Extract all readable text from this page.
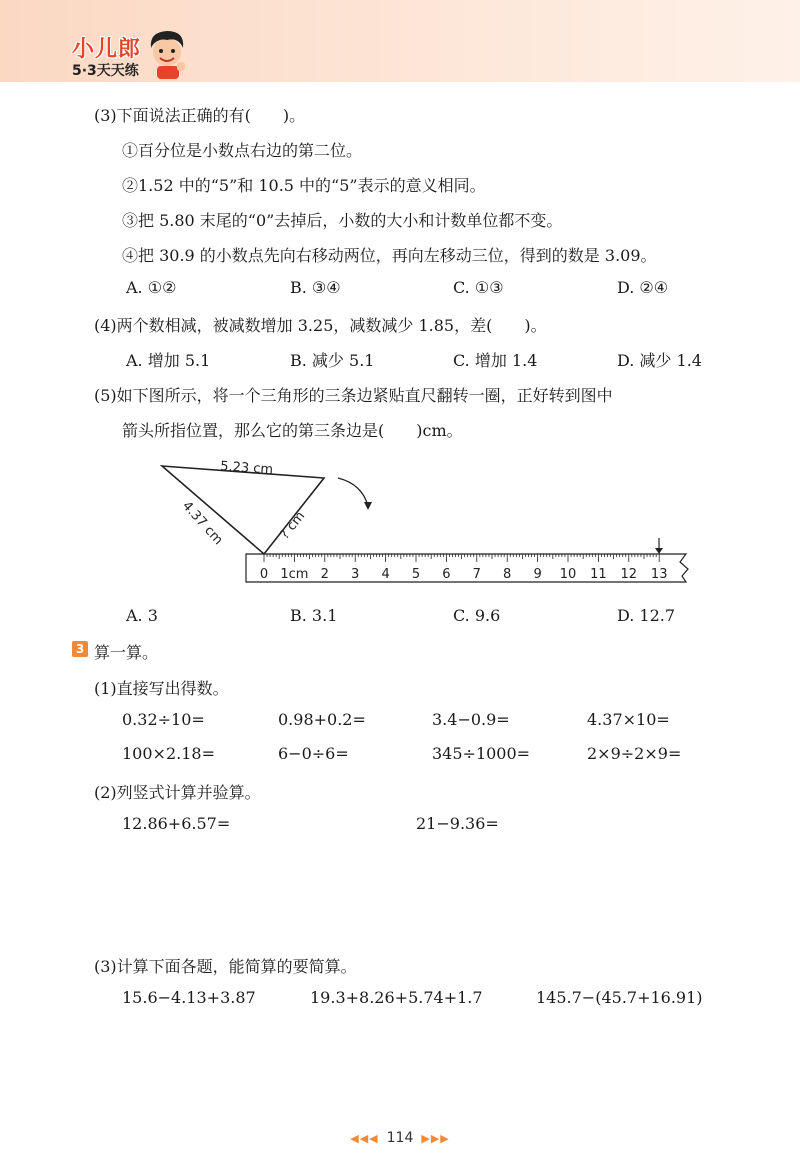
小儿郎
5·3天天练
(3)下面说法正确的有(　　)。
①百分位是小数点右边的第二位。
②1.52 中的“5”和 10.5 中的“5”表示的意义相同。
③把 5.80 末尾的“0”去掉后，小数的大小和计数单位都不变。
④把 30.9 的小数点先向右移动两位，再向左移动三位，得到的数是 3.09。
A. ①②	B. ③④	C. ①③	D. ②④
(4)两个数相减，被减数增加 3.25，减数减少 1.85，差(　　)。
A. 增加 5.1	B. 减少 5.1	C. 增加 1.4	D. 减少 1.4
(5)如下图所示，将一个三角形的三条边紧贴直尺翻转一圈，正好转到图中
箭头所指位置，那么它的第三条边是(　　)cm。
5.23 cm
4.37 cm	? cm
0 1cm 2 3 4 5 6 7 8 9 10 11 12 13
A. 3	B. 3.1	C. 9.6	D. 12.7
3 算一算。
(1)直接写出得数。
0.32÷10=	0.98+0.2=	3.4−0.9=	4.37×10=
100×2.18=	6−0÷6=	345÷1000=	2×9÷2×9=
(2)列竖式计算并验算。
12.86+6.57=	21−9.36=
(3)计算下面各题，能简算的要简算。
15.6−4.13+3.87	19.3+8.26+5.74+1.7	145.7−(45.7+16.91)
◀◀◀ 114 ▶▶▶
